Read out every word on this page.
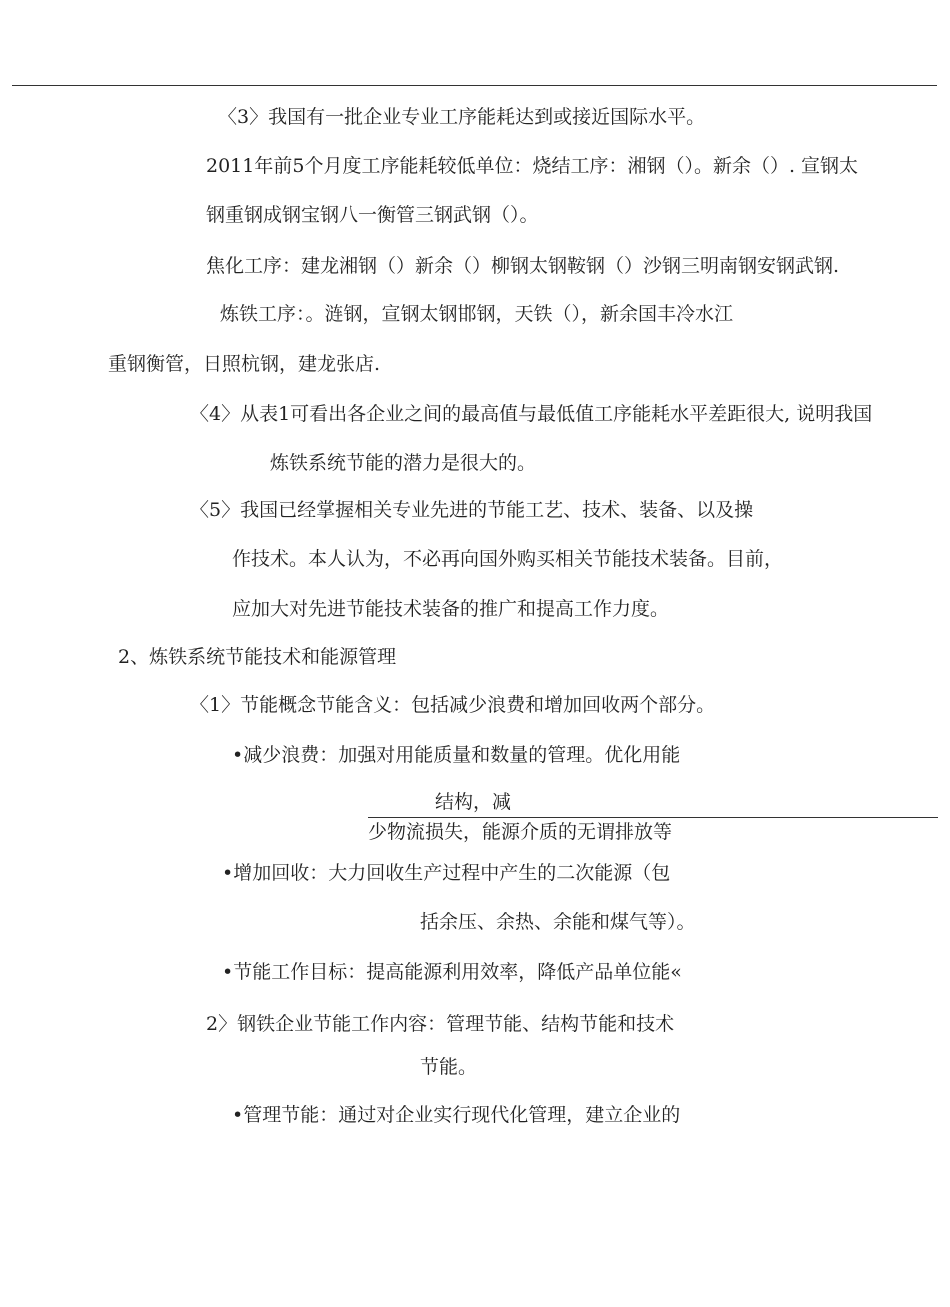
〈3〉我国有一批企业专业工序能耗达到或接近国际水平。
2011年前5个月度工序能耗较低单位：烧结工序：湘钢（）。新余（）. 宣钢太
钢重钢成钢宝钢八一衡管三钢武钢（）。
焦化工序：建龙湘钢（）新余（）柳钢太钢鞍钢（）沙钢三明南钢安钢武钢.
炼铁工序：。涟钢，宣钢太钢邯钢，天铁（），新余国丰冷水江
重钢衡管，日照杭钢，建龙张店.
〈4〉从表1可看出各企业之间的最高值与最低值工序能耗水平差距很大, 说明我国
炼铁系统节能的潜力是很大的。
〈5〉我国已经掌握相关专业先进的节能工艺、技术、装备、以及操
作技术。本人认为，不必再向国外购买相关节能技术装备。目前，
应加大对先进节能技术装备的推广和提高工作力度。
2、炼铁系统节能技术和能源管理
〈1〉节能概念节能含义：包括减少浪费和增加回收两个部分。
•减少浪费：加强对用能质量和数量的管理。优化用能
结构，减
少物流损失，能源介质的无谓排放等
•增加回收：大力回收生产过程中产生的二次能源（包
括余压、余热、余能和煤气等）。
•节能工作目标：提高能源利用效率，降低产品单位能«
2〉钢铁企业节能工作内容：管理节能、结构节能和技术
节能。
•管理节能：通过对企业实行现代化管理，建立企业的
